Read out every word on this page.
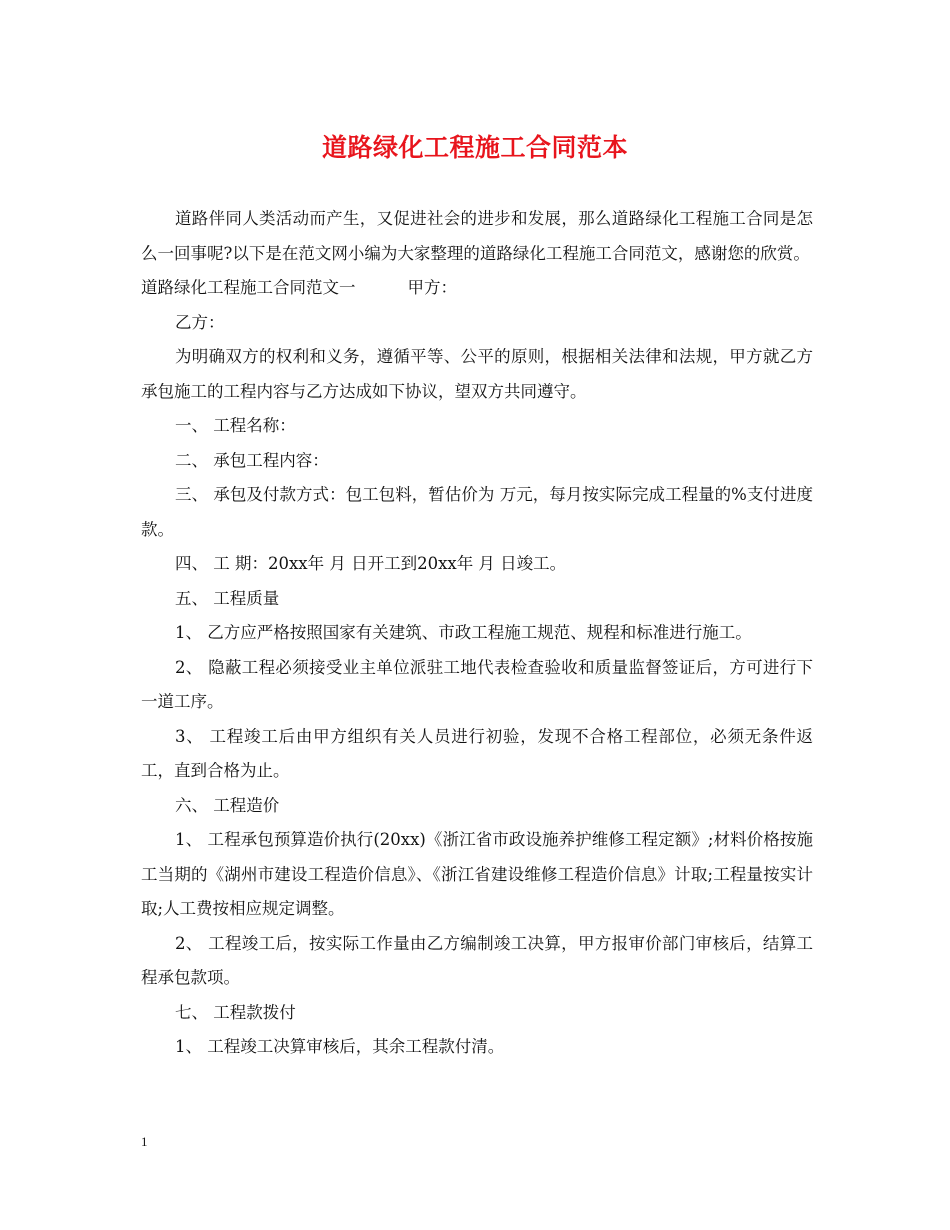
道路绿化工程施工合同范本

道路伴同人类活动而产生，又促进社会的进步和发展，那么道路绿化工程施工合同是怎么一回事呢?以下是在范文网小编为大家整理的道路绿化工程施工合同范文，感谢您的欣赏。

道路绿化工程施工合同范文一	甲方：

乙方：

为明确双方的权利和义务，遵循平等、公平的原则，根据相关法律和法规，甲方就乙方承包施工的工程内容与乙方达成如下协议，望双方共同遵守。

一、 工程名称：

二、 承包工程内容：

三、 承包及付款方式：包工包料，暂估价为 万元，每月按实际完成工程量的%支付进度款。

四、 工 期：20xx年 月 日开工到20xx年 月 日竣工。

五、 工程质量

1、 乙方应严格按照国家有关建筑、市政工程施工规范、规程和标准进行施工。

2、 隐蔽工程必须接受业主单位派驻工地代表检查验收和质量监督签证后，方可进行下一道工序。

3、 工程竣工后由甲方组织有关人员进行初验，发现不合格工程部位，必须无条件返工，直到合格为止。

六、 工程造价

1、 工程承包预算造价执行(20xx)《浙江省市政设施养护维修工程定额》;材料价格按施工当期的《湖州市建设工程造价信息》、《浙江省建设维修工程造价信息》计取;工程量按实计取;人工费按相应规定调整。

2、 工程竣工后，按实际工作量由乙方编制竣工决算，甲方报审价部门审核后，结算工程承包款项。

七、 工程款拨付

1、 工程竣工决算审核后，其余工程款付清。

1
